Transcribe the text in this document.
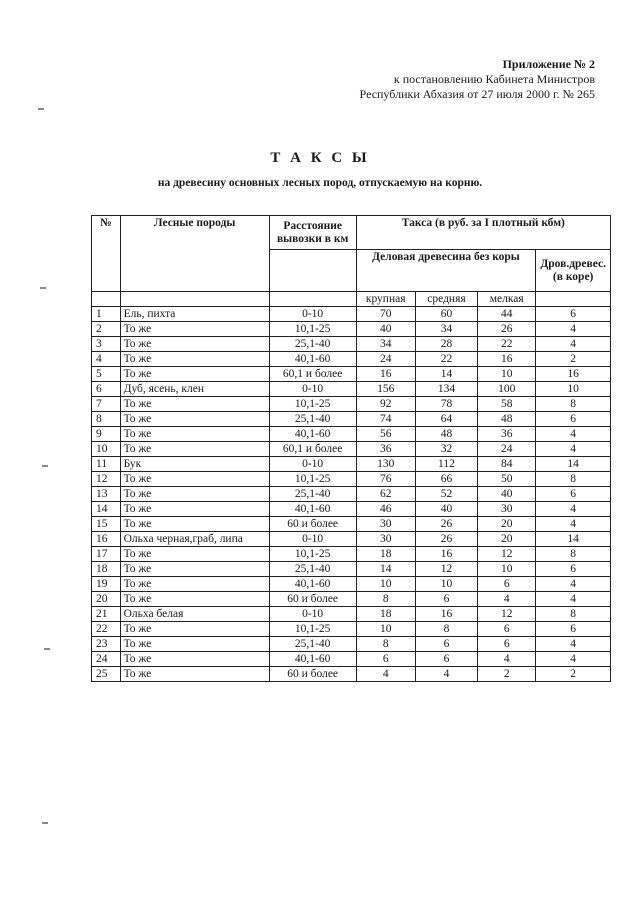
Приложение № 2
к постановлению Кабинета Министров
Республики Абхазия от 27 июля 2000 г. № 265
Т А К С Ы
на древесину основных лесных пород, отпускаемую на корню.
№	Лесные породы	Расстояние вывозки в км	Такса (в руб. за I плотный кбм)			
			Деловая древесина без коры			Дров.древес. (в коре)
			крупная	средняя	мелкая	
1	Ель, пихта	0-10	70	60	44	6
2	То же	10,1-25	40	34	26	4
3	То же	25,1-40	34	28	22	4
4	То же	40,1-60	24	22	16	2
5	То же	60,1 и более	16	14	10	16
6	Дуб, ясень, клен	0-10	156	134	100	10
7	То же	10,1-25	92	78	58	8
8	То же	25,1-40	74	64	48	6
9	То же	40,1-60	56	48	36	4
10	То же	60,1 и более	36	32	24	4
11	Бук	0-10	130	112	84	14
12	То же	10,1-25	76	66	50	8
13	То же	25,1-40	62	52	40	6
14	То же	40,1-60	46	40	30	4
15	То же	60 и более	30	26	20	4
16	Ольха черная,граб, липа	0-10	30	26	20	14
17	То же	10,1-25	18	16	12	8
18	То же	25,1-40	14	12	10	6
19	То же	40,1-60	10	10	6	4
20	То же	60 и более	8	6	4	4
21	Ольха белая	0-10	18	16	12	8
22	То же	10,1-25	10	8	6	6
23	То же	25,1-40	8	6	6	4
24	То же	40,1-60	6	6	4	4
25	То же	60 и более	4	4	2	2
